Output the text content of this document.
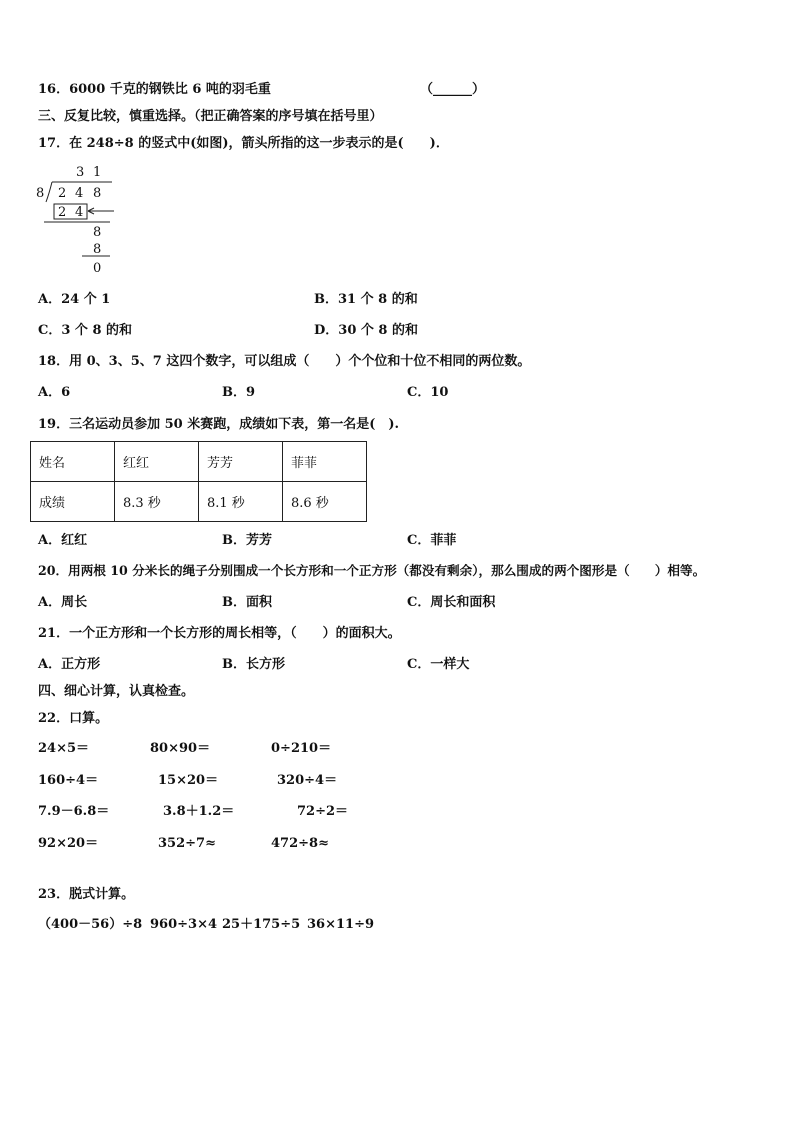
16．6000 千克的钢铁比 6 吨的羽毛重	（______）
三、反复比较，慎重选择。（把正确答案的序号填在括号里）
17．在 248÷8 的竖式中(如图)，箭头所指的这一步表示的是(　　)．
3 1
8 2 4 8
2 4
8
8
0
A．24 个 1	B．31 个 8 的和
C．3 个 8 的和	D．30 个 8 的和
18．用 0、3、5、7 这四个数字，可以组成（　　）个个位和十位不相同的两位数。
A．6	B．9	C．10
19．三名运动员参加 50 米赛跑，成绩如下表，第一名是(　).
姓名	红红	芳芳	菲菲
成绩	8.3 秒	8.1 秒	8.6 秒
A．红红	B．芳芳	C．菲菲
20．用两根 10 分米长的绳子分别围成一个长方形和一个正方形（都没有剩余），那么围成的两个图形是（　　）相等。
A．周长	B．面积	C．周长和面积
21．一个正方形和一个长方形的周长相等，（　　）的面积大。
A．正方形	B．长方形	C．一样大
四、细心计算，认真检查。
22．口算。
24×5＝	80×90＝	0÷210＝
160÷4＝	15×20＝	320÷4＝
7.9－6.8＝	3.8＋1.2＝	72÷2＝
92×20＝	352÷7≈	472÷8≈
23．脱式计算。
（400－56）÷8 960÷3×4 25＋175÷5 36×11÷9
